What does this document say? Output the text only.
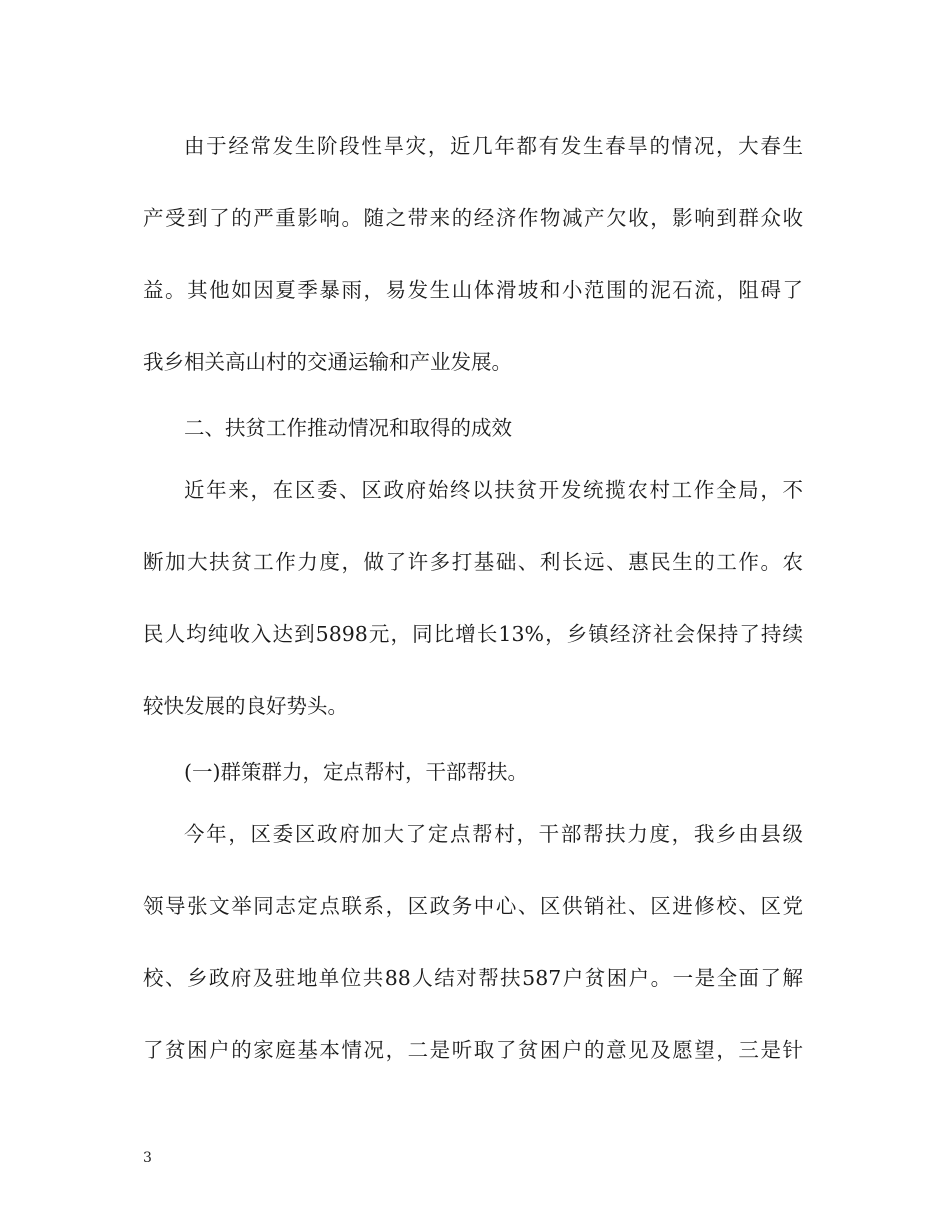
由于经常发生阶段性旱灾，近几年都有发生春旱的情况，大春生
产受到了的严重影响。随之带来的经济作物减产欠收，影响到群众收
益。其他如因夏季暴雨，易发生山体滑坡和小范围的泥石流，阻碍了
我乡相关高山村的交通运输和产业发展。
二、扶贫工作推动情况和取得的成效
近年来，在区委、区政府始终以扶贫开发统揽农村工作全局，不
断加大扶贫工作力度，做了许多打基础、利长远、惠民生的工作。农
民人均纯收入达到5898元，同比增长13%，乡镇经济社会保持了持续
较快发展的良好势头。
(一)群策群力，定点帮村，干部帮扶。
今年，区委区政府加大了定点帮村，干部帮扶力度，我乡由县级
领导张文举同志定点联系，区政务中心、区供销社、区进修校、区党
校、乡政府及驻地单位共88人结对帮扶587户贫困户。一是全面了解
了贫困户的家庭基本情况，二是听取了贫困户的意见及愿望，三是针
3
